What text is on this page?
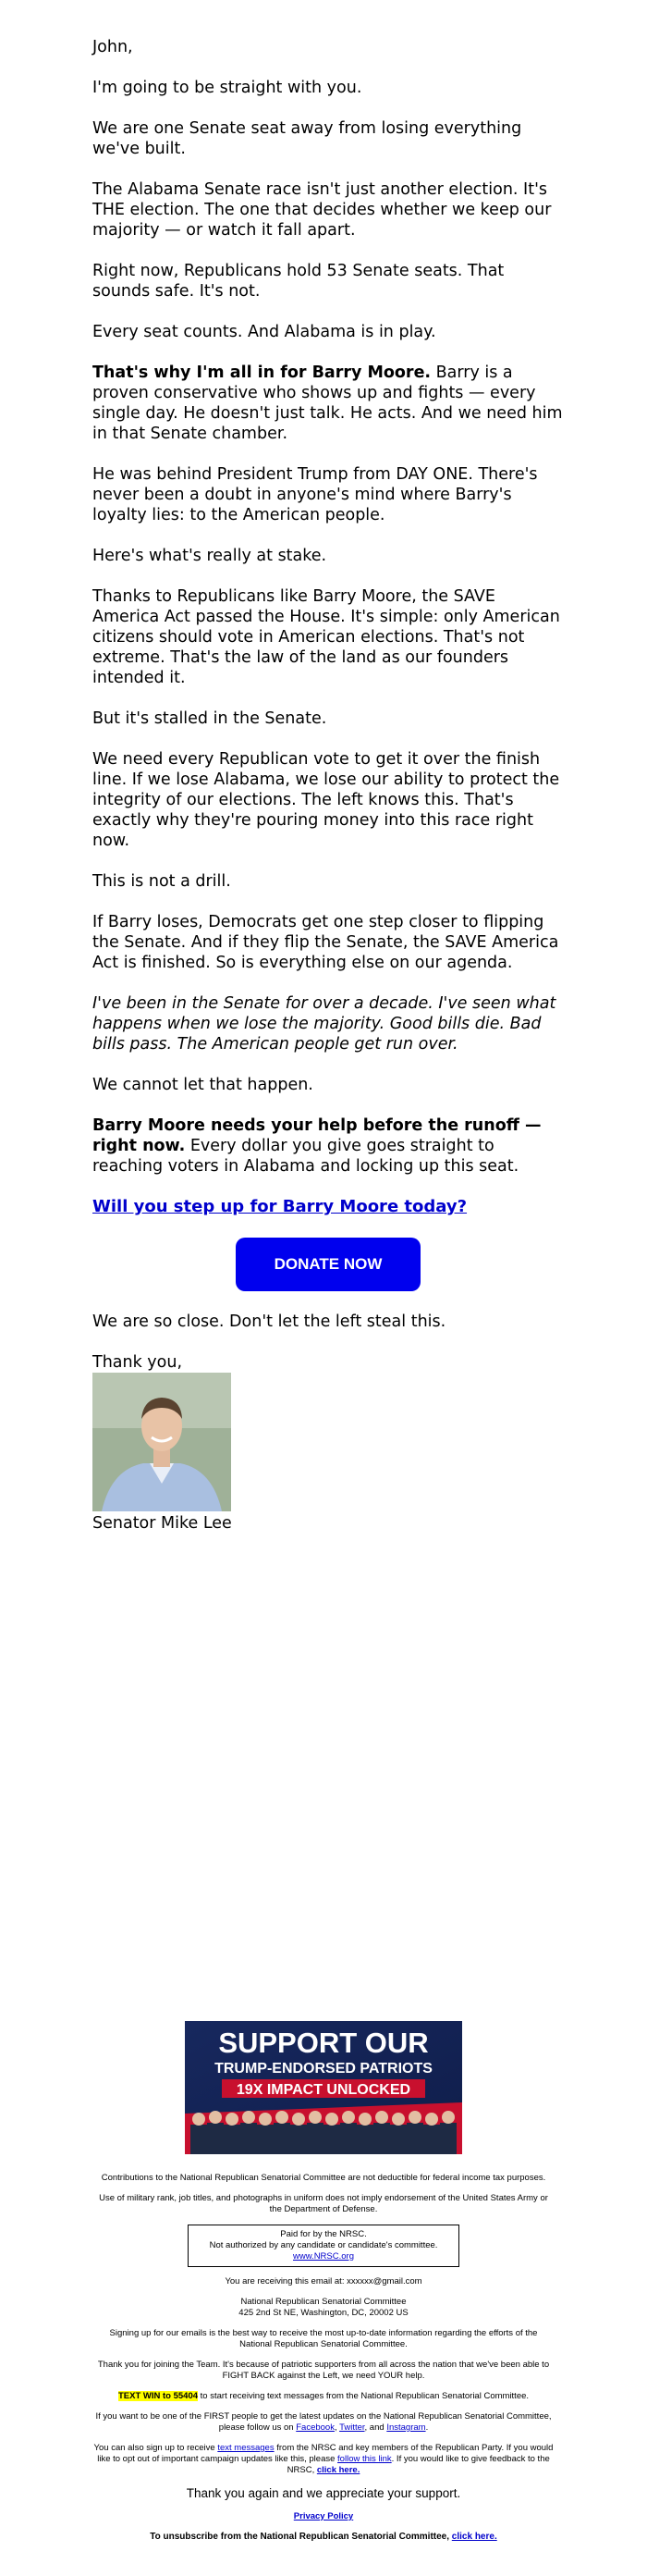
John,

I'm going to be straight with you.

We are one Senate seat away from losing everything we've built.

The Alabama Senate race isn't just another election. It's THE election. The one that decides whether we keep our majority — or watch it fall apart.

Right now, Republicans hold 53 Senate seats. That sounds safe. It's not.

Every seat counts. And Alabama is in play.

That's why I'm all in for Barry Moore. Barry is a proven conservative who shows up and fights — every single day. He doesn't just talk. He acts. And we need him in that Senate chamber.

He was behind President Trump from DAY ONE. There's never been a doubt in anyone's mind where Barry's loyalty lies: to the American people.

Here's what's really at stake.

Thanks to Republicans like Barry Moore, the SAVE America Act passed the House. It's simple: only American citizens should vote in American elections. That's not extreme. That's the law of the land as our founders intended it.

But it's stalled in the Senate.

We need every Republican vote to get it over the finish line. If we lose Alabama, we lose our ability to protect the integrity of our elections. The left knows this. That's exactly why they're pouring money into this race right now.

This is not a drill.

If Barry loses, Democrats get one step closer to flipping the Senate. And if they flip the Senate, the SAVE America Act is finished. So is everything else on our agenda.

I've been in the Senate for over a decade. I've seen what happens when we lose the majority. Good bills die. Bad bills pass. The American people get run over.

We cannot let that happen.

Barry Moore needs your help before the runoff — right now. Every dollar you give goes straight to reaching voters in Alabama and locking up this seat.

Will you step up for Barry Moore today?

DONATE NOW

We are so close. Don't let the left steal this.

Thank you,

Senator Mike Lee
SUPPORT OUR
TRUMP-ENDORSED PATRIOTS
19X IMPACT UNLOCKED

Contributions to the National Republican Senatorial Committee are not deductible for federal income tax purposes.

Use of military rank, job titles, and photographs in uniform does not imply endorsement of the United States Army or the Department of Defense.

Paid for by the NRSC.
Not authorized by any candidate or candidate's committee.
www.NRSC.org

You are receiving this email at: xxxxxx@gmail.com

National Republican Senatorial Committee
425 2nd St NE, Washington, DC, 20002 US

Signing up for our emails is the best way to receive the most up-to-date information regarding the efforts of the National Republican Senatorial Committee.

Thank you for joining the Team. It's because of patriotic supporters from all across the nation that we've been able to FIGHT BACK against the Left, we need YOUR help.

TEXT WIN to 55404 to start receiving text messages from the National Republican Senatorial Committee.

If you want to be one of the FIRST people to get the latest updates on the National Republican Senatorial Committee, please follow us on Facebook, Twitter, and Instagram.

You can also sign up to receive text messages from the NRSC and key members of the Republican Party. If you would like to opt out of important campaign updates like this, please follow this link. If you would like to give feedback to the NRSC, click here.

Thank you again and we appreciate your support.

Privacy Policy

To unsubscribe from the National Republican Senatorial Committee, click here.
